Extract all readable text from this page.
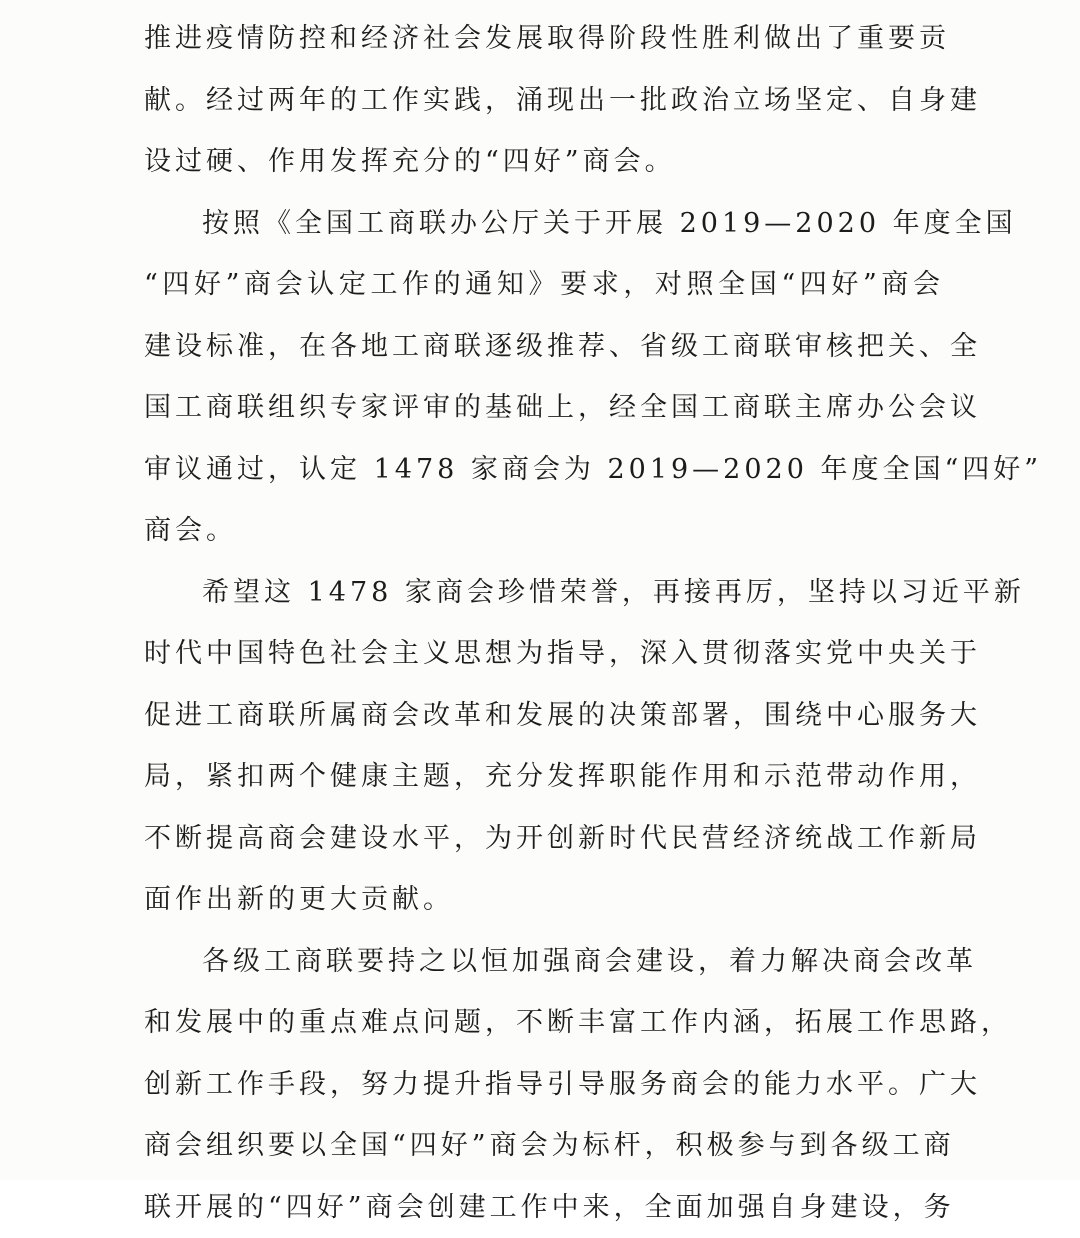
推进疫情防控和经济社会发展取得阶段性胜利做出了重要贡
献。经过两年的工作实践，涌现出一批政治立场坚定、自身建
设过硬、作用发挥充分的“四好”商会。
按照《全国工商联办公厅关于开展 2019—2020 年度全国
“四好”商会认定工作的通知》要求，对照全国“四好”商会
建设标准，在各地工商联逐级推荐、省级工商联审核把关、全
国工商联组织专家评审的基础上，经全国工商联主席办公会议
审议通过，认定 1478 家商会为 2019—2020 年度全国“四好”
商会。
希望这 1478 家商会珍惜荣誉，再接再厉，坚持以习近平新
时代中国特色社会主义思想为指导，深入贯彻落实党中央关于
促进工商联所属商会改革和发展的决策部署，围绕中心服务大
局，紧扣两个健康主题，充分发挥职能作用和示范带动作用，
不断提高商会建设水平，为开创新时代民营经济统战工作新局
面作出新的更大贡献。
各级工商联要持之以恒加强商会建设，着力解决商会改革
和发展中的重点难点问题，不断丰富工作内涵，拓展工作思路，
创新工作手段，努力提升指导引导服务商会的能力水平。广大
商会组织要以全国“四好”商会为标杆，积极参与到各级工商
联开展的“四好”商会创建工作中来，全面加强自身建设，务
